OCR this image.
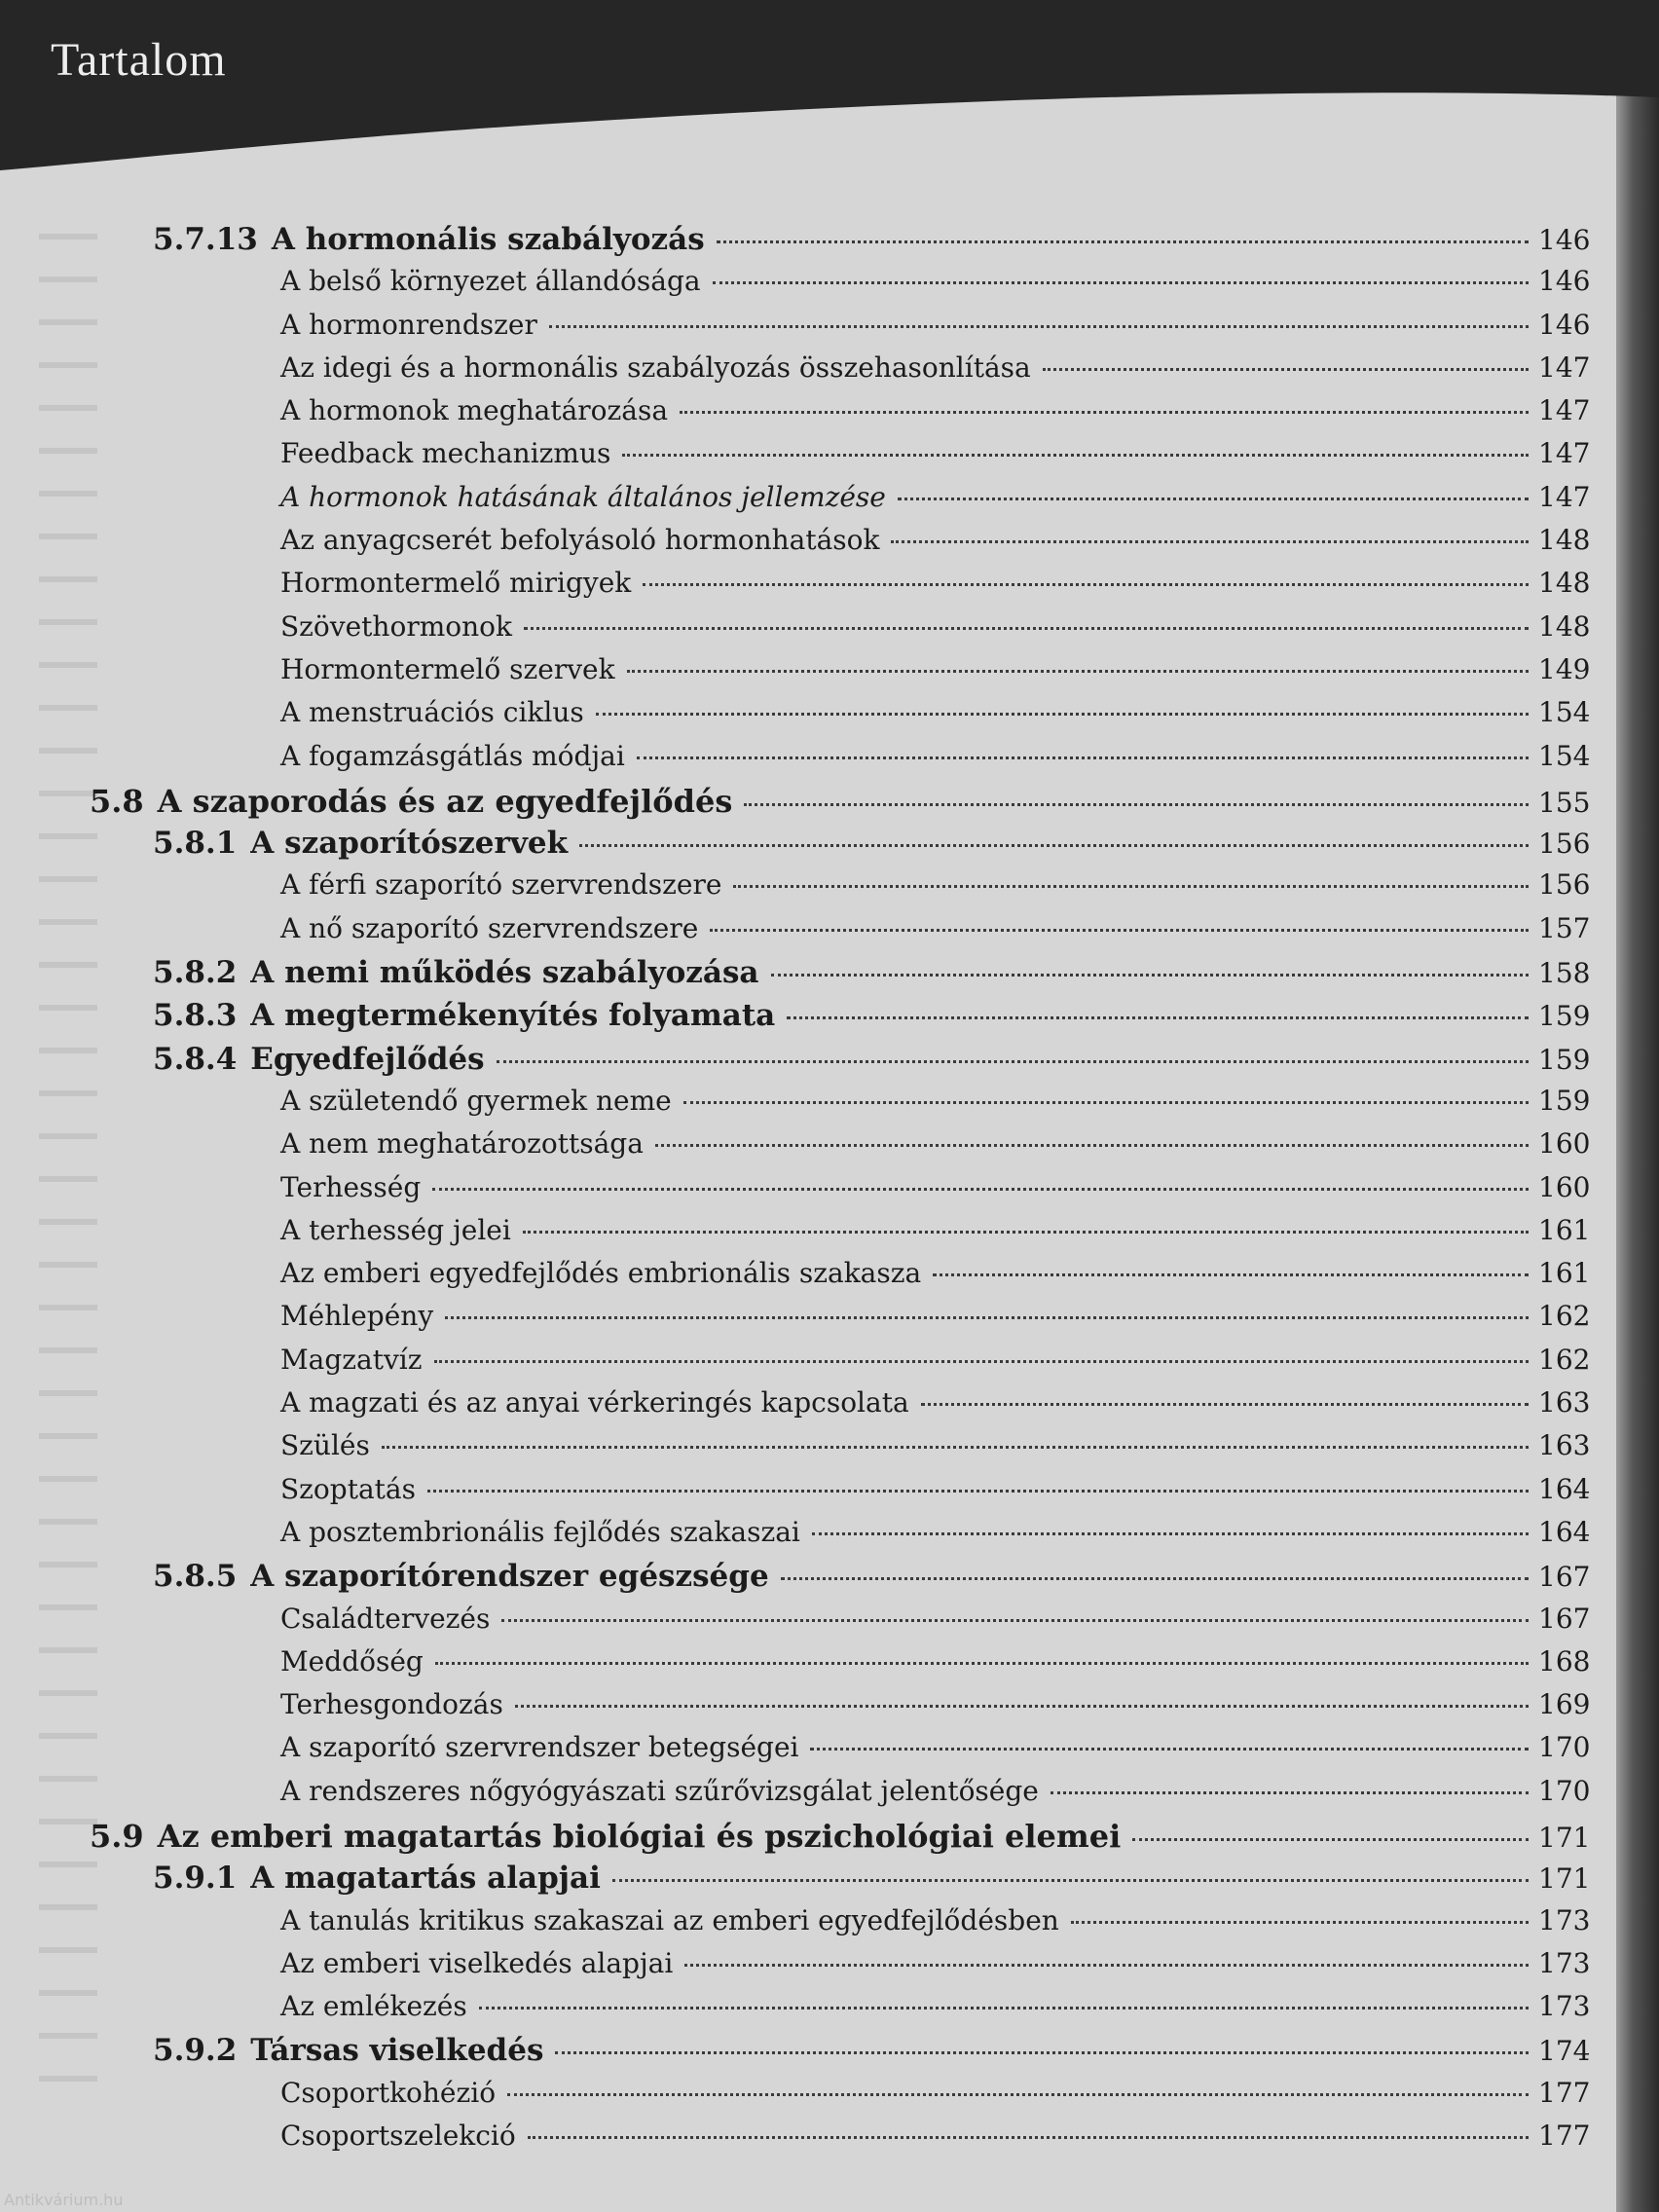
5.7.13 A hormonális szabályozás	146
A belső környezet állandósága	146
A hormonrendszer	146
Az idegi és a hormonális szabályozás összehasonlítása	147
A hormonok meghatározása	147
Feedback mechanizmus	147
A hormonok hatásának általános jellemzése	147
Az anyagcserét befolyásoló hormonhatások	148
Hormontermelő mirigyek	148
Szövethormonok	148
Hormontermelő szervek	149
A menstruációs ciklus	154
A fogamzásgátlás módjai	154
5.8 A szaporodás és az egyedfejlődés	155
5.8.1 A szaporítószervek	156
A férfi szaporító szervrendszere	156
A nő szaporító szervrendszere	157
5.8.2 A nemi működés szabályozása	158
5.8.3 A megtermékenyítés folyamata	159
5.8.4 Egyedfejlődés	159
A születendő gyermek neme	159
A nem meghatározottsága	160
Terhesség	160
A terhesség jelei	161
Az emberi egyedfejlődés embrionális szakasza	161
Méhlepény	162
Magzatvíz	162
A magzati és az anyai vérkeringés kapcsolata	163
Szülés	163
Szoptatás	164
A posztembrionális fejlődés szakaszai	164
5.8.5 A szaporítórendszer egészsége	167
Családtervezés	167
Meddőség	168
Terhesgondozás	169
A szaporító szervrendszer betegségei	170
A rendszeres nőgyógyászati szűrővizsgálat jelentősége	170
5.9 Az emberi magatartás biológiai és pszichológiai elemei	171
5.9.1 A magatartás alapjai	171
A tanulás kritikus szakaszai az emberi egyedfejlődésben	173
Az emberi viselkedés alapjai	173
Az emlékezés	173
5.9.2 Társas viselkedés	174
Csoportkohézió	177
Csoportszelekció	177
Tartalom
Antikvárium.hu
